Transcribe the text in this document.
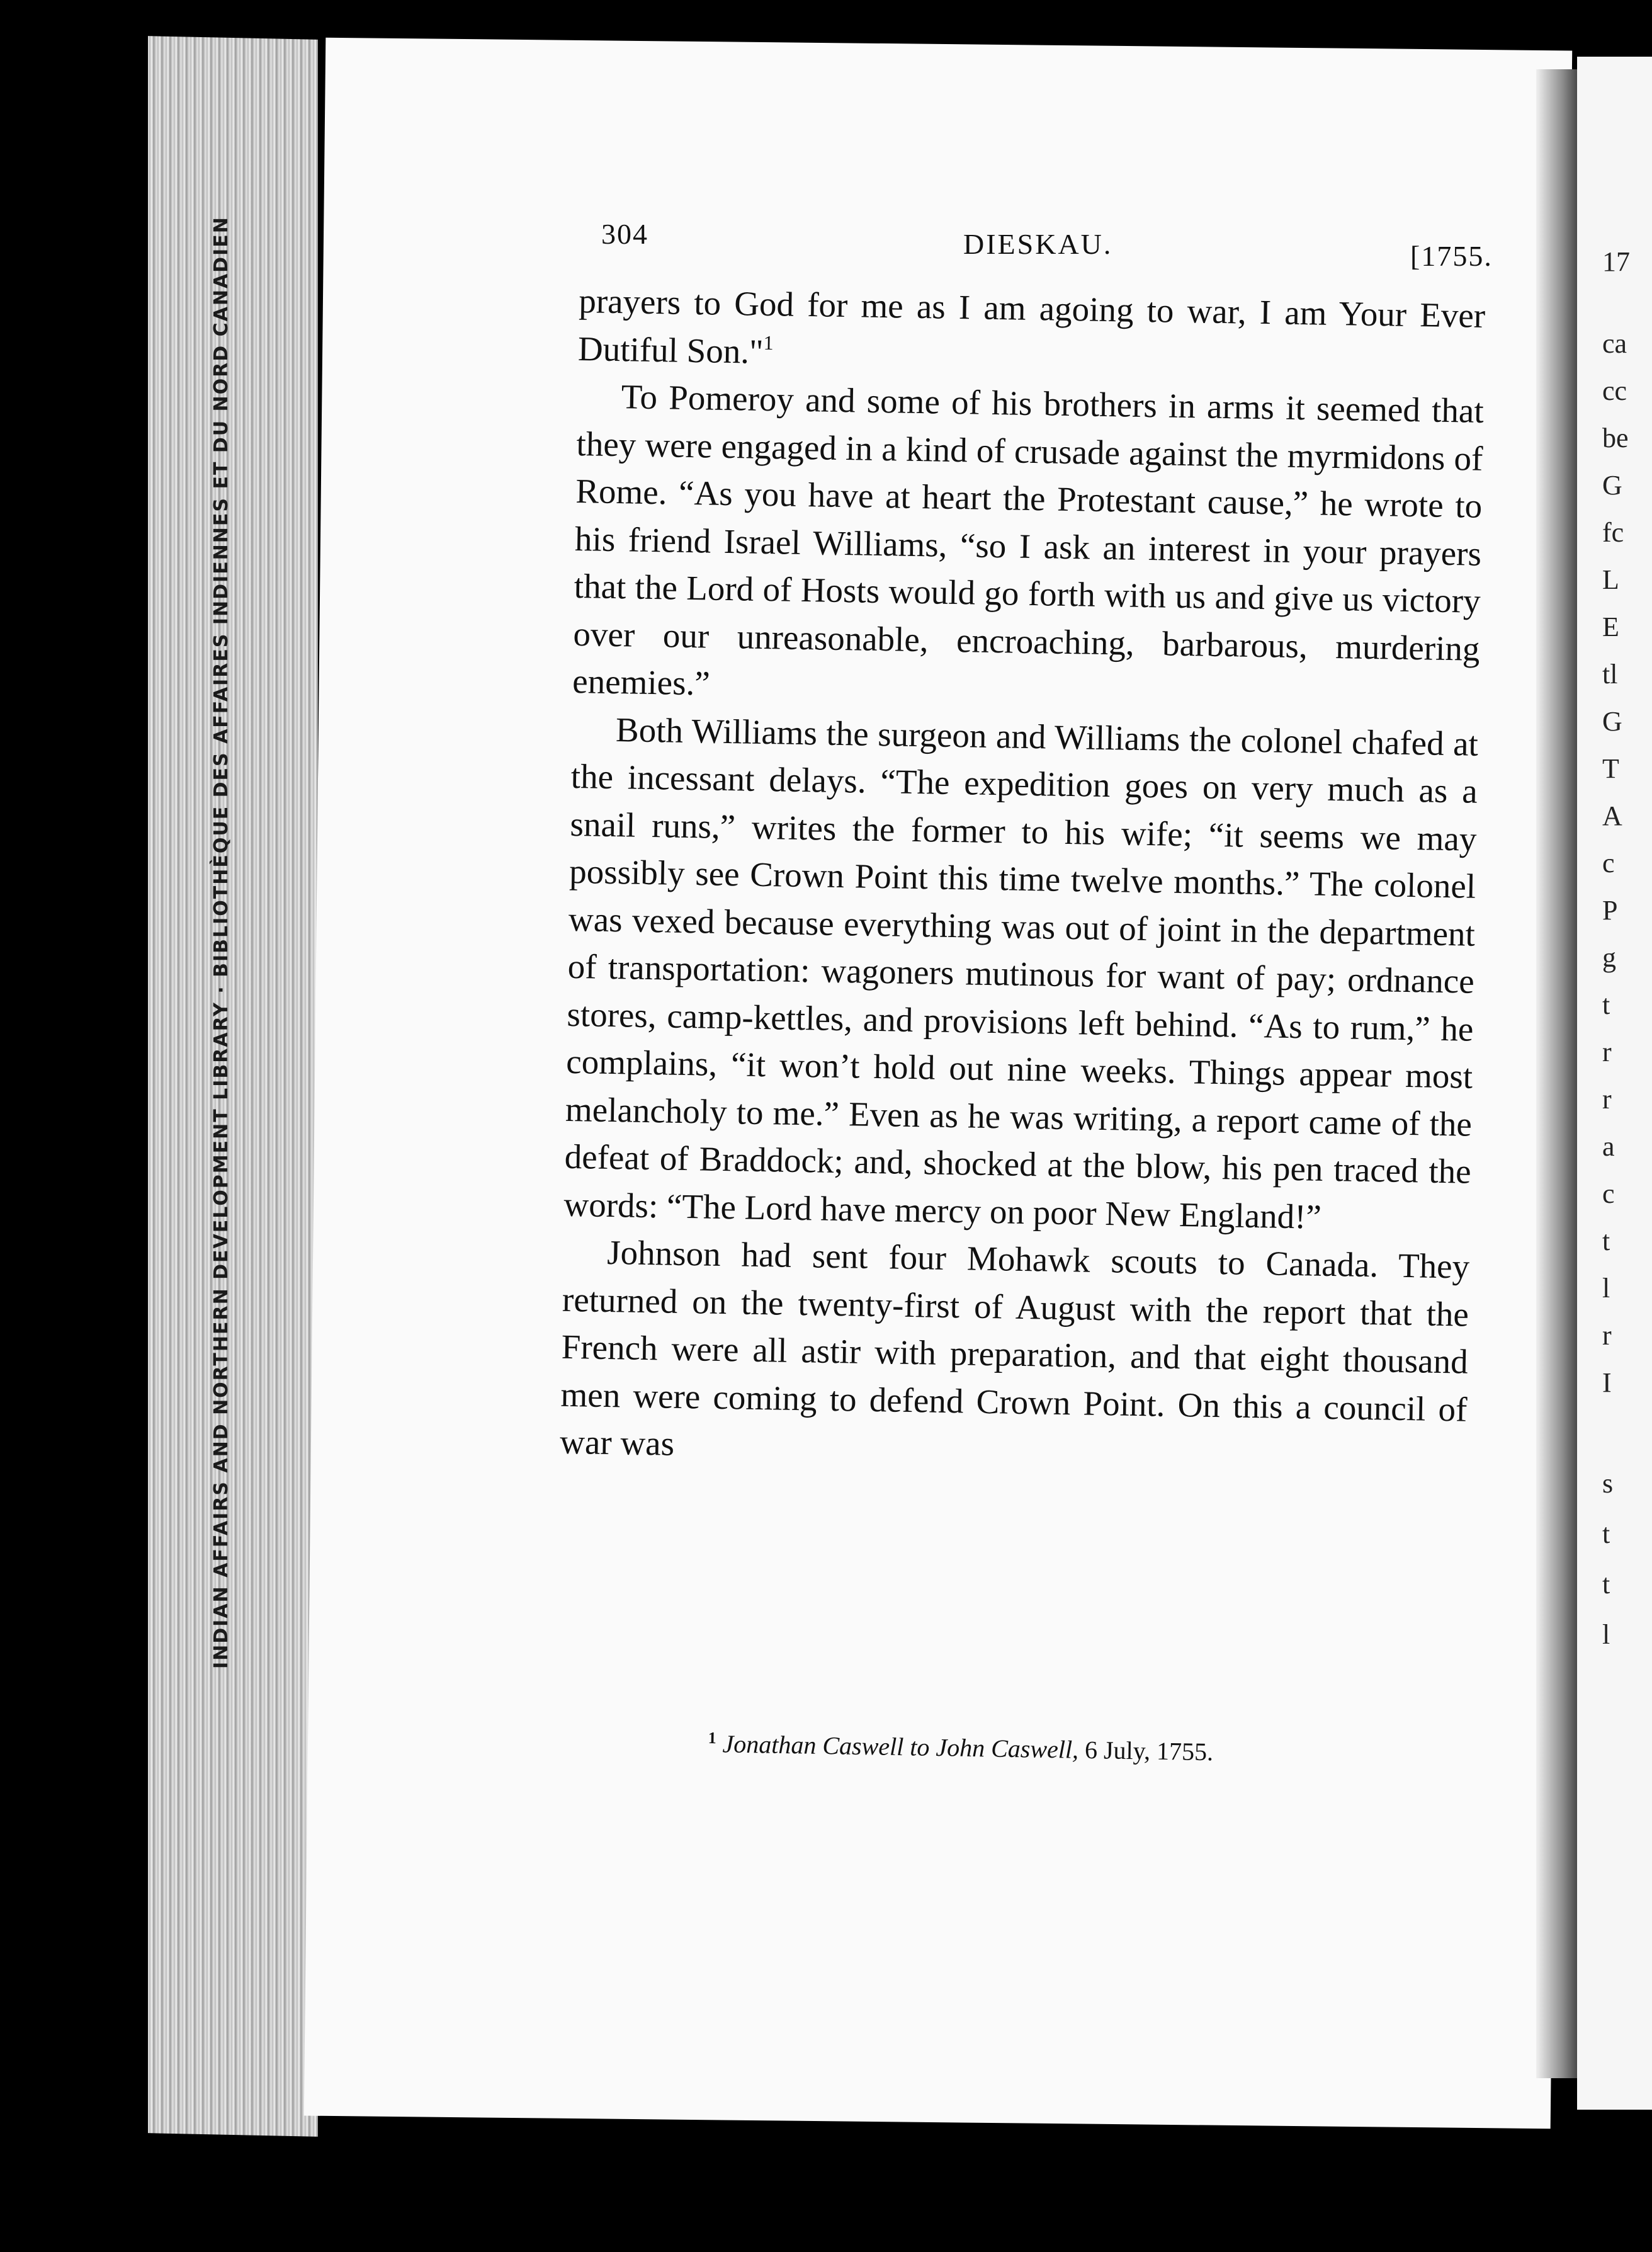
INDIAN AFFAIRS AND NORTHERN DEVELOPMENT LIBRARY · BIBLIOTHÈQUE DES AFFAIRES INDIENNES ET DU NORD CANADIEN	17
ca
cc
be
G
fc
L
E
tl
G
T
A
c
P
g
t
r
r
a
c
t
l
r
I
s
t
t
l
304	DIESKAU.	[1755.

prayers to God for me as I am agoing to war, I am Your Ever Dutiful Son."$^1$

To Pomeroy and some of his brothers in arms it seemed that they were engaged in a kind of crusade against the myrmidons of Rome. “As you have at heart the Protestant cause,” he wrote to his friend Israel Williams, “so I ask an interest in your prayers that the Lord of Hosts would go forth with us and give us victory over our unreasonable, encroaching, barbarous, murdering enemies.”

Both Williams the surgeon and Williams the colonel chafed at the incessant delays. “The expedition goes on very much as a snail runs,” writes the former to his wife; “it seems we may possibly see Crown Point this time twelve months.” The colonel was vexed because everything was out of joint in the department of transportation: wagoners mutinous for want of pay; ordnance stores, camp-kettles, and provisions left behind. “As to rum,” he complains, “it won’t hold out nine weeks. Things appear most melancholy to me.” Even as he was writing, a report came of the defeat of Braddock; and, shocked at the blow, his pen traced the words: “The Lord have mercy on poor New England!”

Johnson had sent four Mohawk scouts to Canada. They returned on the twenty-first of August with the report that the French were all astir with preparation, and that eight thousand men were coming to defend Crown Point. On this a council of war was

$^1$ Jonathan Caswell to John Caswell, 6 July, 1755.
